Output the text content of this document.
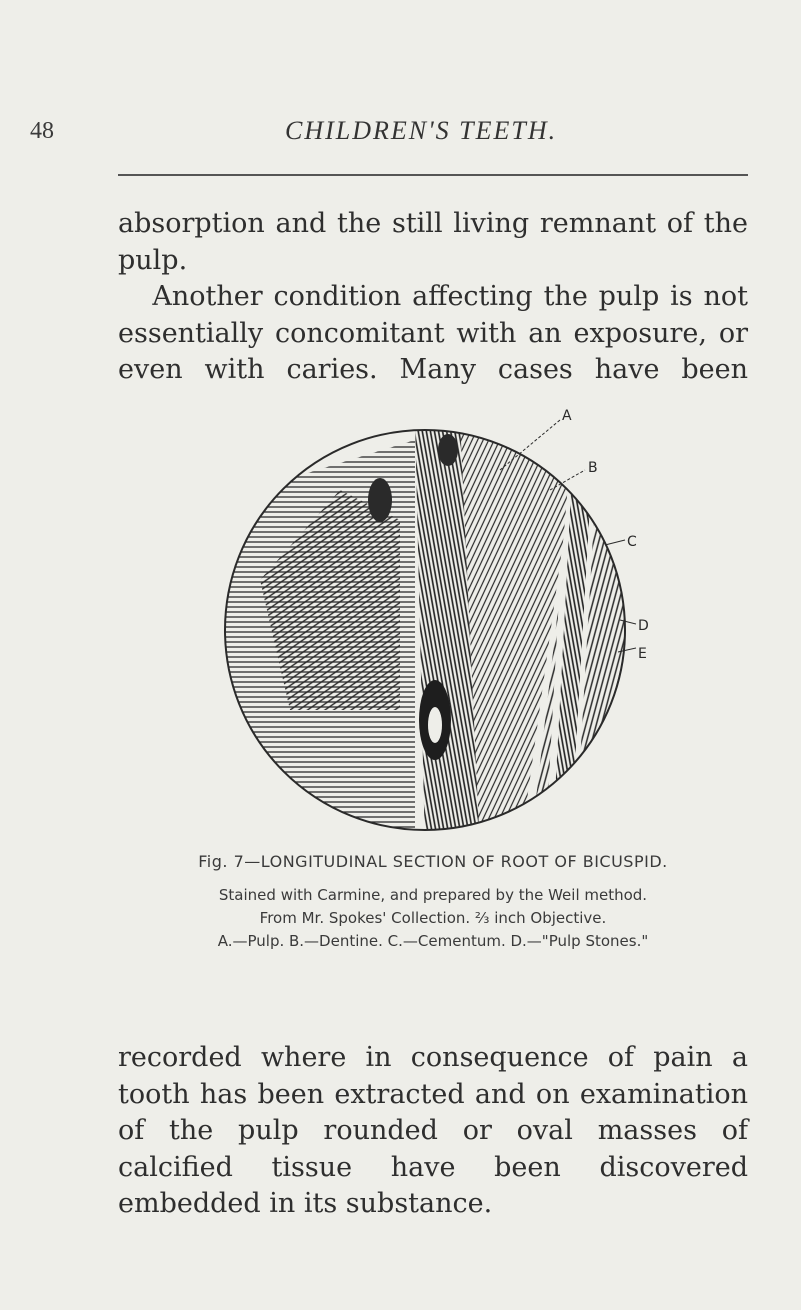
48	CHILDREN'S TEETH.

absorption and the still living remnant of the

pulp.

Another condition affecting the pulp is not essentially concomitant with an exposure, or even with caries. Many cases have been

A
B
C
D
E
Fig. 7—LONGITUDINAL SECTION OF ROOT OF BICUSPID.
Stained with Carmine, and prepared by the Weil method.
From Mr. Spokes' Collection. ⅔ inch Objective.
A.—Pulp. B.—Dentine. C.—Cementum. D.—"Pulp Stones."

recorded where in consequence of pain a tooth has been extracted and on examination of the pulp rounded or oval masses of calcified tissue have been discovered embedded in its substance.
